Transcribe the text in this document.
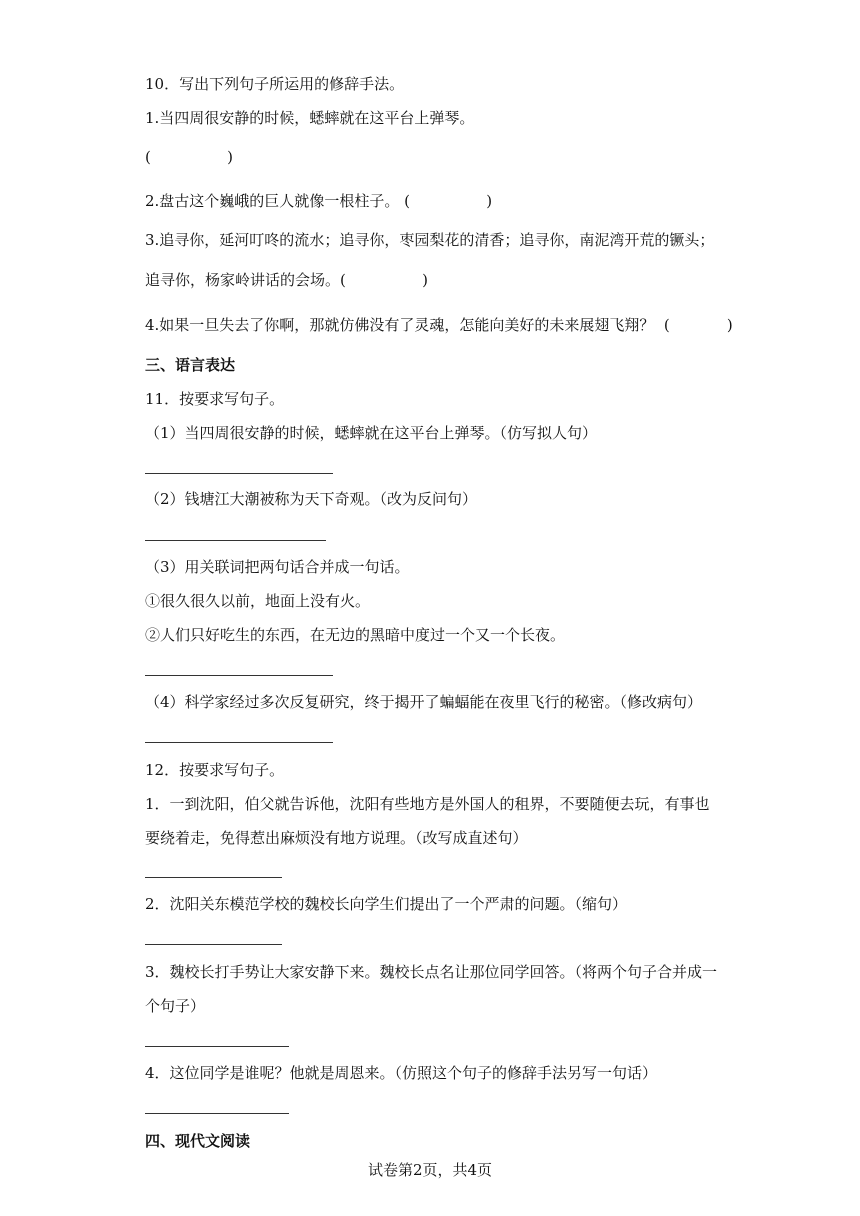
10．写出下列句子所运用的修辞手法。
1.当四周很安静的时候，蟋蟀就在这平台上弹琴。
(                )
2.盘古这个巍峨的巨人就像一根柱子。 (                )
3.追寻你，延河叮咚的流水；追寻你，枣园梨花的清香；追寻你，南泥湾开荒的镢头；
追寻你，杨家岭讲话的会场。(                )
4.如果一旦失去了你啊，那就仿佛没有了灵魂，怎能向美好的未来展翅飞翔？  (            )
三、语言表达
11．按要求写句子。
（1）当四周很安静的时候，蟋蟀就在这平台上弹琴。（仿写拟人句）
（2）钱塘江大潮被称为天下奇观。（改为反问句）
（3）用关联词把两句话合并成一句话。
①很久很久以前，地面上没有火。
②人们只好吃生的东西，在无边的黑暗中度过一个又一个长夜。
（4）科学家经过多次反复研究，终于揭开了蝙蝠能在夜里飞行的秘密。（修改病句）
12．按要求写句子。
1．一到沈阳，伯父就告诉他，沈阳有些地方是外国人的租界，不要随便去玩，有事也
要绕着走，免得惹出麻烦没有地方说理。（改写成直述句）
2．沈阳关东模范学校的魏校长向学生们提出了一个严肃的问题。（缩句）
3．魏校长打手势让大家安静下来。魏校长点名让那位同学回答。（将两个句子合并成一
个句子）
4．这位同学是谁呢？他就是周恩来。（仿照这个句子的修辞手法另写一句话）
四、现代文阅读
试卷第2页，共4页
